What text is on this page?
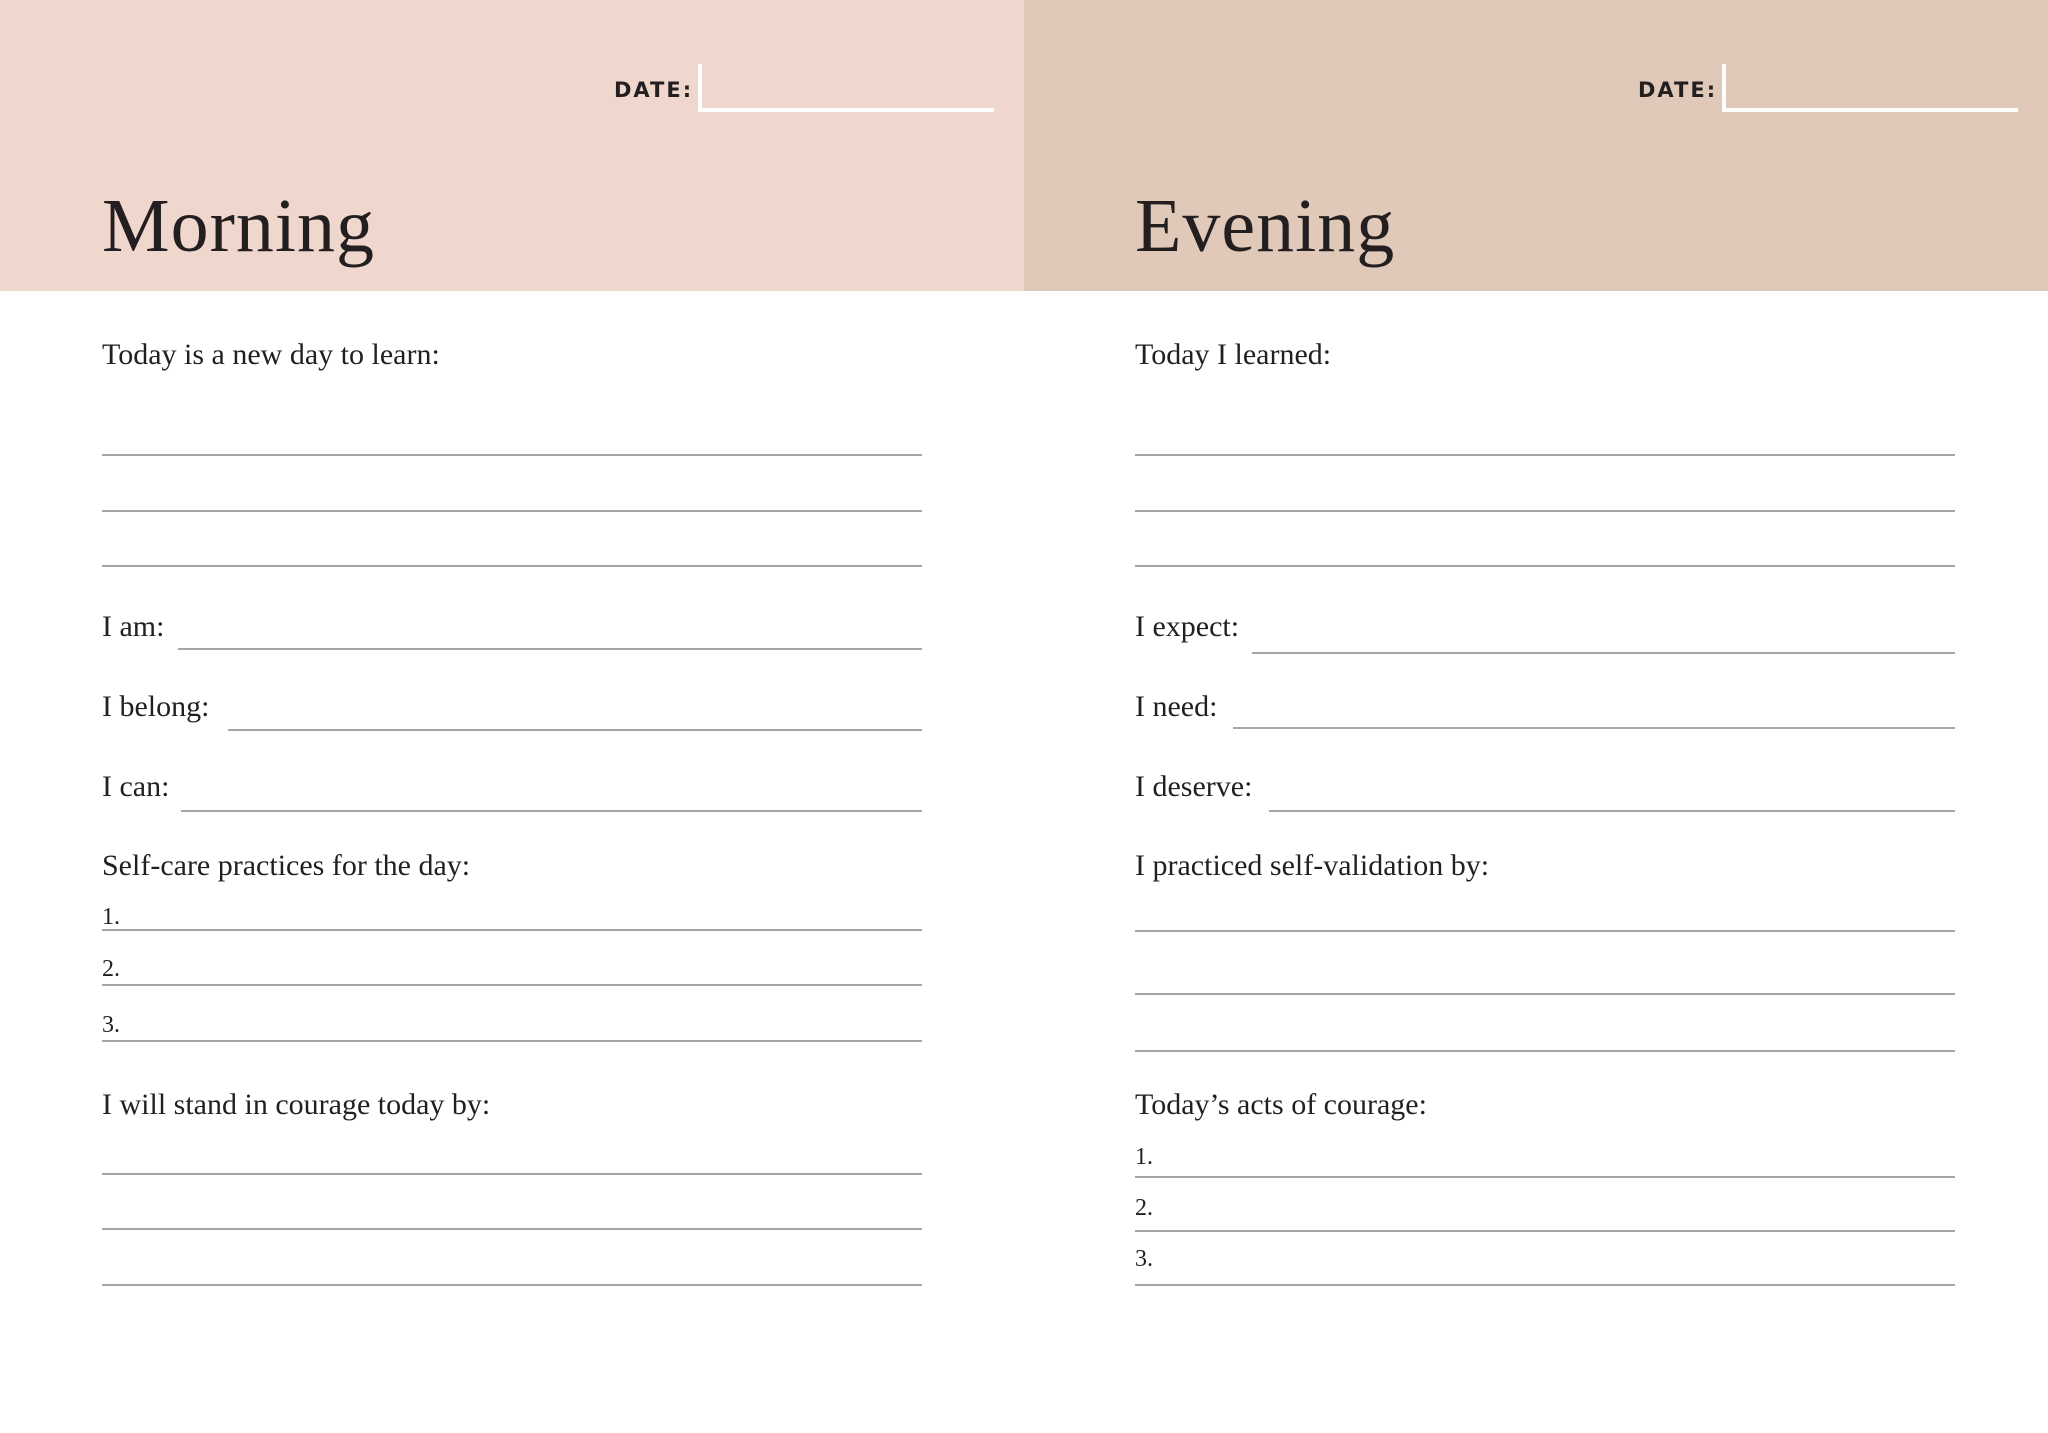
DATE:
Morning
Today is a new day to learn:
I am:
I belong:
I can:
Self-care practices for the day:
1.
2.
3.
I will stand in courage today by:
DATE:
Evening
Today I learned:
I expect:
I need:
I deserve:
I practiced self-validation by:
Today’s acts of courage:
1.
2.
3.
